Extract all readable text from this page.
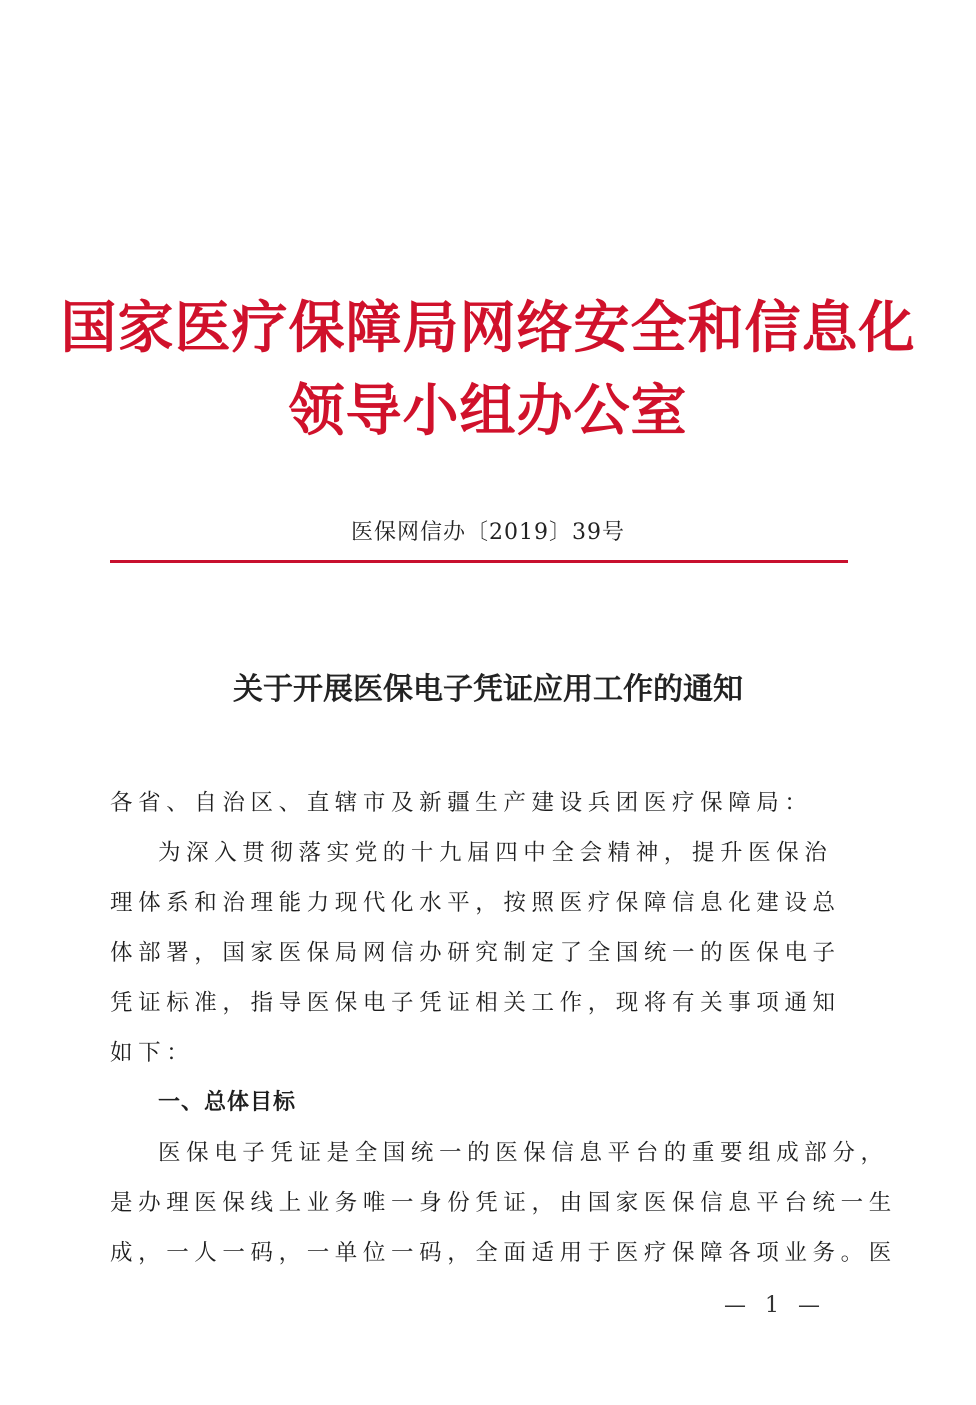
国家医疗保障局网络安全和信息化
领导小组办公室
医保网信办〔2019〕39号
关于开展医保电子凭证应用工作的通知
各省、自治区、直辖市及新疆生产建设兵团医疗保障局：
为深入贯彻落实党的十九届四中全会精神，提升医保治
理体系和治理能力现代化水平，按照医疗保障信息化建设总
体部署，国家医保局网信办研究制定了全国统一的医保电子
凭证标准，指导医保电子凭证相关工作，现将有关事项通知
如下：
一、总体目标
医保电子凭证是全国统一的医保信息平台的重要组成部分，
是办理医保线上业务唯一身份凭证，由国家医保信息平台统一生
成，一人一码，一单位一码，全面适用于医疗保障各项业务。医
— 1 —
